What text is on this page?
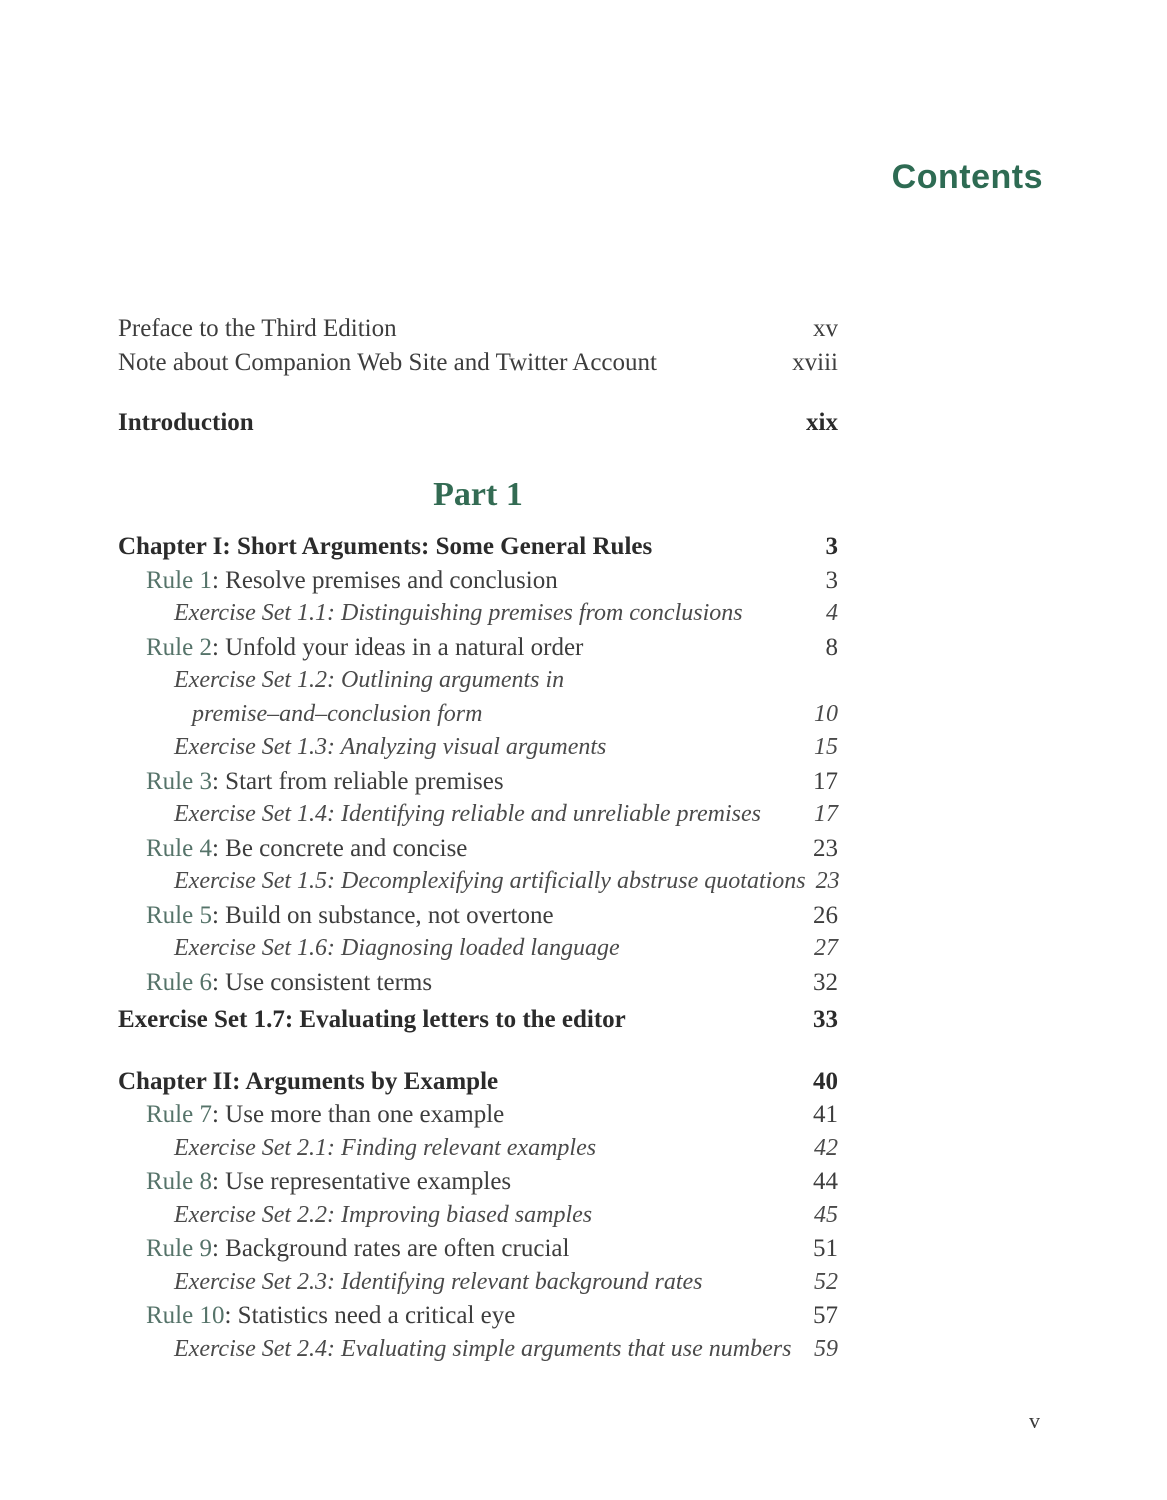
Contents
Preface to the Third Edition	xv
Note about Companion Web Site and Twitter Account	xviii
Introduction	xix
Part 1
Chapter I: Short Arguments: Some General Rules	3
Rule 1: Resolve premises and conclusion	3
Exercise Set 1.1: Distinguishing premises from conclusions	4
Rule 2: Unfold your ideas in a natural order	8
Exercise Set 1.2: Outlining arguments in
premise–and–conclusion form	10
Exercise Set 1.3: Analyzing visual arguments	15
Rule 3: Start from reliable premises	17
Exercise Set 1.4: Identifying reliable and unreliable premises 17
Rule 4: Be concrete and concise	23
Exercise Set 1.5: Decomplexifying artificially abstruse quotations 23
Rule 5: Build on substance, not overtone	26
Exercise Set 1.6: Diagnosing loaded language	27
Rule 6: Use consistent terms	32
Exercise Set 1.7: Evaluating letters to the editor	33
Chapter II: Arguments by Example	40
Rule 7: Use more than one example	41
Exercise Set 2.1: Finding relevant examples	42
Rule 8: Use representative examples	44
Exercise Set 2.2: Improving biased samples	45
Rule 9: Background rates are often crucial	51
Exercise Set 2.3: Identifying relevant background rates	52
Rule 10: Statistics need a critical eye	57
Exercise Set 2.4: Evaluating simple arguments that use numbers 59
v
